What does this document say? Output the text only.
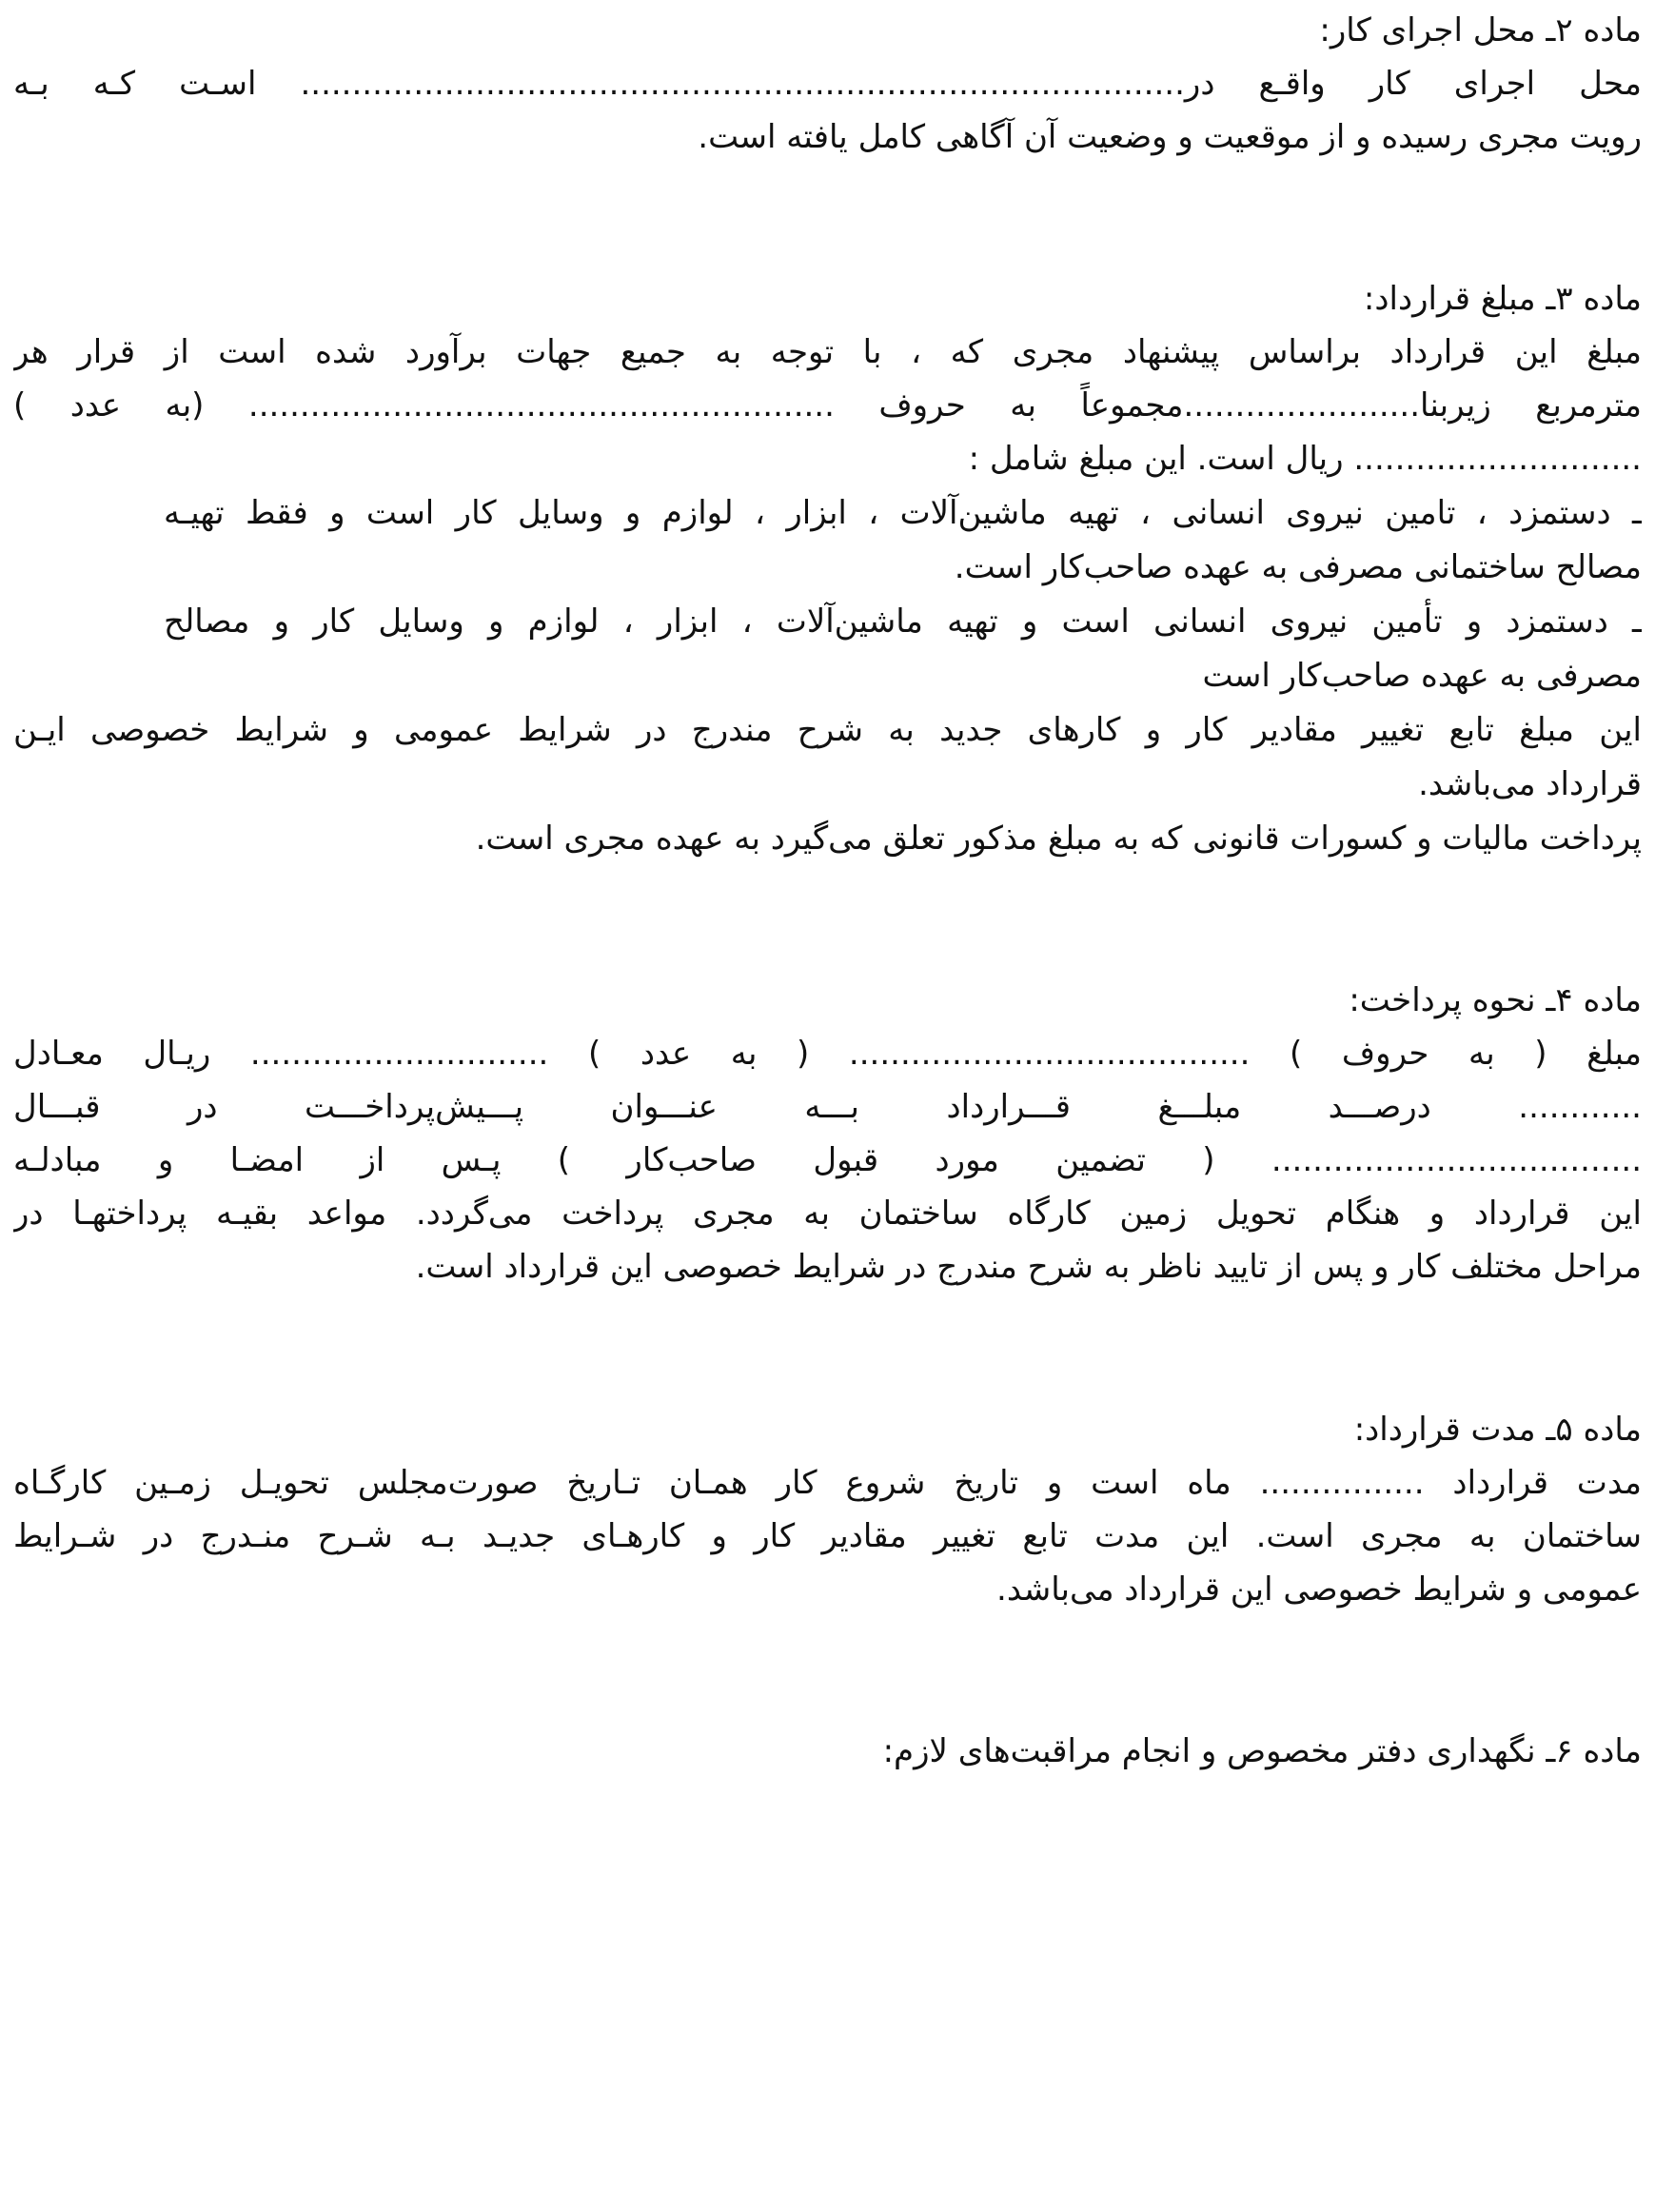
ماده ۲ـ محل اجرای کار:
محل اجرای کار واقـع در...................................................................................... اسـت کـه بـه
رویت مجری رسیده و از موقعیت و وضعیت آن آگاهی کامل یافته است.
ماده ۳ـ مبلغ قرارداد:
مبلغ این قرارداد براساس پیشنهاد مجری که ، با توجه به جمیع جهات برآورد شده است از قرار هر
مترمربع زیربنا.......................مجموعاً به حروف ......................................................... (به عدد )
............................ ریال است. این مبلغ شامل :
ـ دستمزد ، تامین نیروی انسانی ، تهیه ماشین‌آلات ، ابزار ، لوازم و وسایل کار است و فقط تهیـه
مصالح ساختمانی مصرفی به عهده صاحب‌کار است.
ـ دستمزد و تأمین نیروی انسانی است و تهیه ماشین‌آلات ، ابزار ، لوازم و وسایل کار و مصالح
مصرفی به عهده صاحب‌کار است
این مبلغ تابع تغییر مقادیر کار و کارهای جدید به شرح مندرج در شرایط عمومی و شرایط خصوصی ایـن
قرارداد می‌باشد.
پرداخت مالیات و کسورات قانونی که به مبلغ مذکور تعلق می‌گیرد به عهده مجری است.
ماده ۴ـ نحوه پرداخت:
مبلغ ( به حروف ) ....................................... ( به عدد ) ............................. ریـال معـادل
............ درصـــد مبلـــغ قـــرارداد بـــه عنـــوان پـــیش‌پرداخـــت در قبـــال
.................................... ( تضمین مورد قبول صاحب‌کار ) پـس از امضـا و مبادلـه
این قرارداد و هنگام تحویل زمین کارگاه ساختمان به مجری پرداخت می‌گردد. مواعد بقیـه پرداختهـا در
مراحل مختلف کار و پس از تایید ناظر به شرح مندرج در شرایط خصوصی این قرارداد است.
ماده ۵ـ مدت قرارداد:
مدت قرارداد ................ ماه است و تاریخ شروع کار همـان تـاریخ صورت‌مجلس تحویـل زمـین کارگـاه
ساختمان به مجری است. این مدت تابع تغییر مقادیر کار و کارهـای جدیـد بـه شـرح منـدرج در شـرایط
عمومی و شرایط خصوصی این قرارداد می‌باشد.
ماده ۶ـ نگهداری دفتر مخصوص و انجام مراقبت‌های لازم:
